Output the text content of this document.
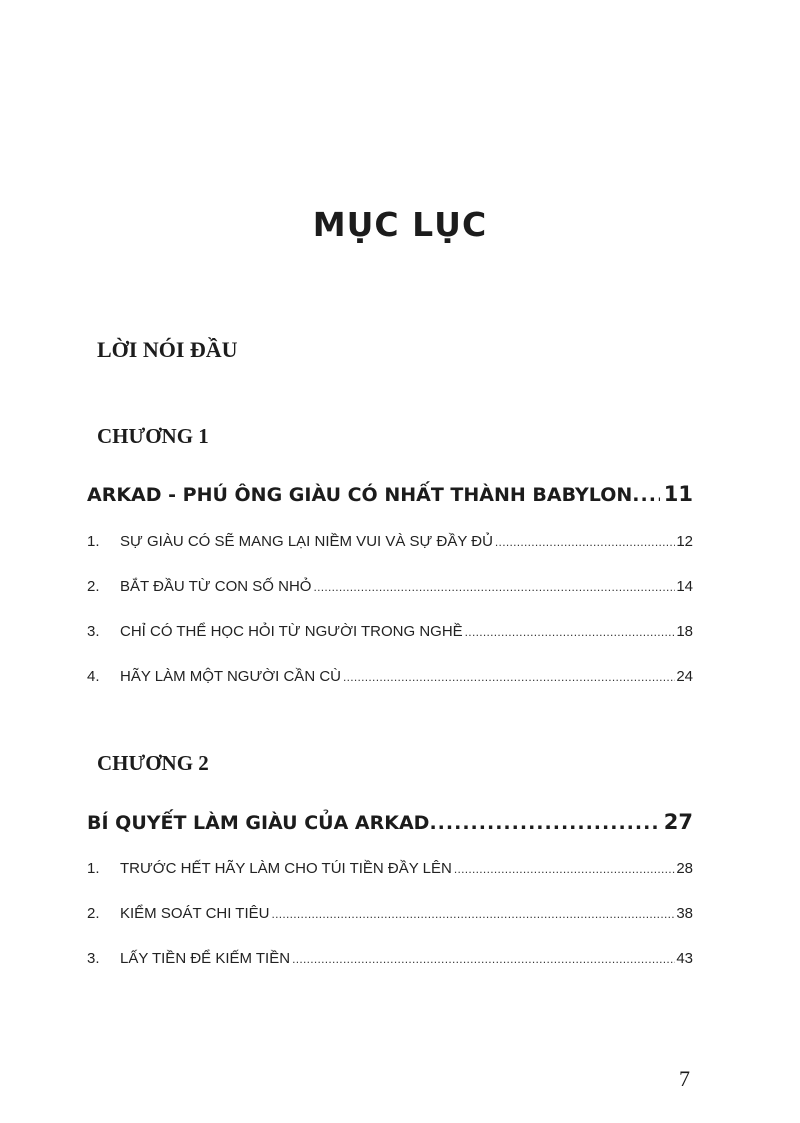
MỤC LỤC
LỜI NÓI ĐẦU
CHƯƠNG 1
ARKAD - PHÚ ÔNG GIÀU CÓ NHẤT THÀNH BABYLON ..... 11
1.	SỰ GIÀU CÓ SẼ MANG LẠI NIỀM VUI VÀ SỰ ĐẦY ĐỦ .....	12
2.	BẮT ĐẦU TỪ CON SỐ NHỎ .....	14
3.	CHỈ CÓ THỂ HỌC HỎI TỪ NGƯỜI TRONG NGHỀ .....	18
4.	HÃY LÀM MỘT NGƯỜI CẦN CÙ .....	24
CHƯƠNG 2
BÍ QUYẾT LÀM GIÀU CỦA ARKAD .....	27
1.	TRƯỚC HẾT HÃY LÀM CHO TÚI TIỀN ĐẦY LÊN .....	28
2.	KIỂM SOÁT CHI TIÊU .....	38
3.	LẤY TIỀN ĐỂ KIẾM TIỀN .....	43
7
